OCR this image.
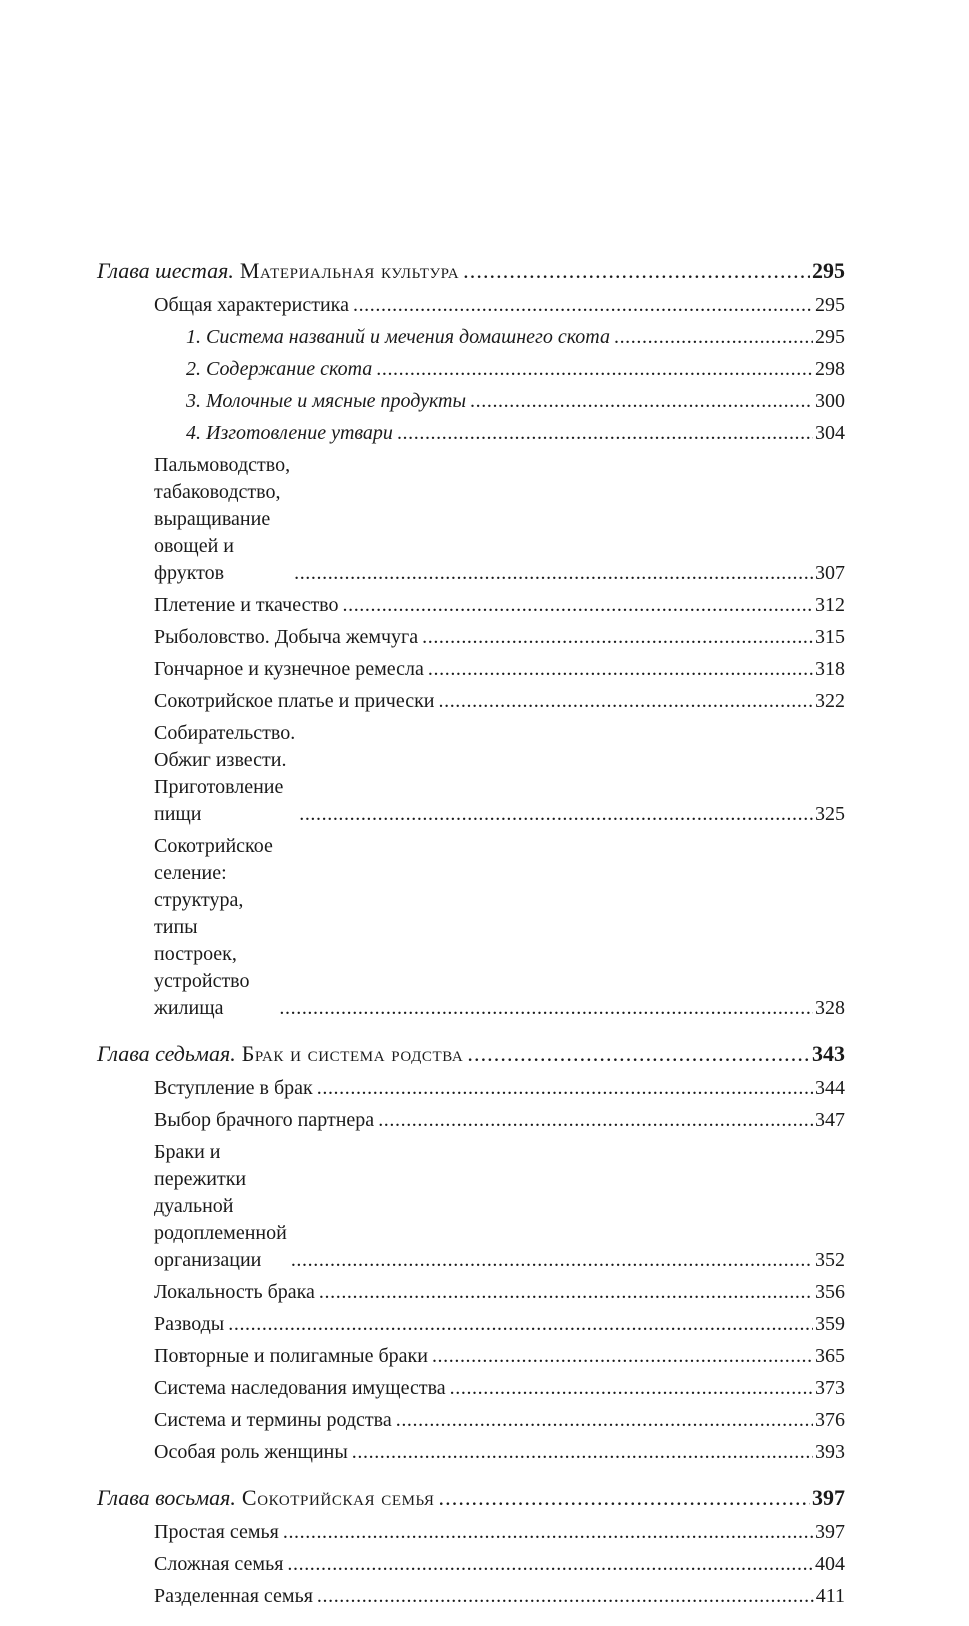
Глава шестая. Материальная культура . . .	295
Общая характеристика . . .	295
1. Система названий и мечения домашнего скота . . .	295
2. Содержание скота . . .	298
3. Молочные и мясные продукты . . .	300
4. Изготовление утвари . . .	304
Пальмоводство, табаководство,
выращивание овощей и фруктов . . .	307
Плетение и ткачество . . .	312
Рыболовство. Добыча жемчуга . . .	315
Гончарное и кузнечное ремесла . . .	318
Сокотрийское платье и прически . . .	322
Собирательство. Обжиг извести.
Приготовление пищи . . .	325
Сокотрийское селение: структура,
типы построек, устройство жилища . . .	328
Глава седьмая. Брак и система родства . . .	343
Вступление в брак . . .	344
Выбор брачного партнера . . .	347
Браки и пережитки дуальной
родоплеменной организации . . .	352
Локальность брака . . .	356
Разводы . . .	359
Повторные и полигамные браки . . .	365
Система наследования имущества . . .	373
Система и термины родства . . .	376
Особая роль женщины . . .	393
Глава восьмая. Сокотрийская семья . . .	397
Простая семья . . .	397
Сложная семья . . .	404
Разделенная семья . . .	411
